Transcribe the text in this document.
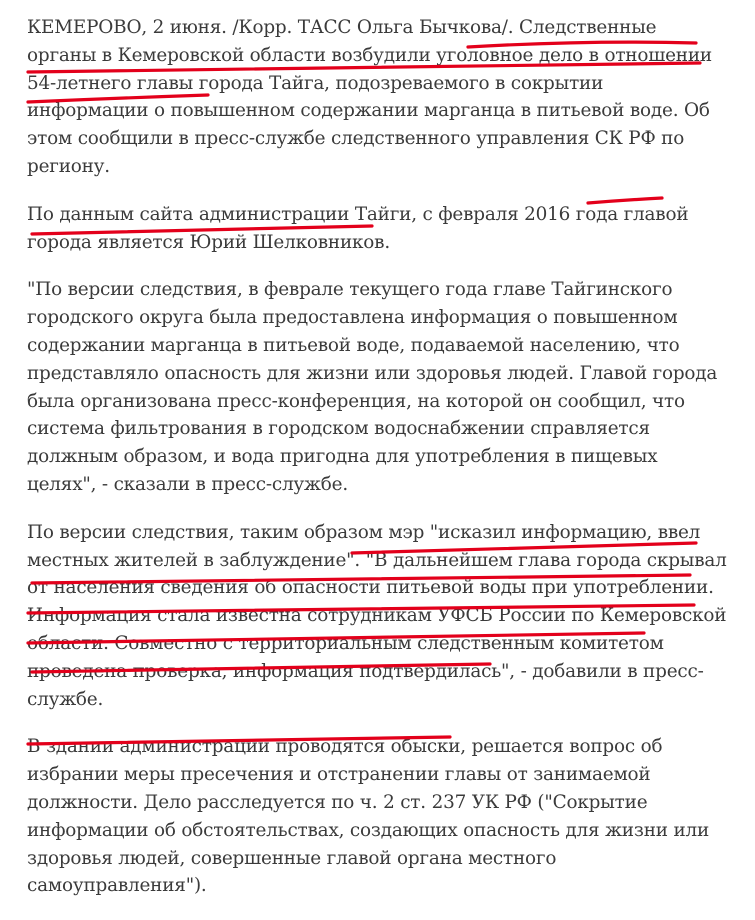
КЕМЕРОВО, 2 июня. /Корр. ТАСС Ольга Бычкова/. Следственные органы в Кемеровской области возбудили уголовное дело в отношении 54-летнего главы города Тайга, подозреваемого в сокрытии информации о повышенном содержании марганца в питьевой воде. Об этом сообщили в пресс-службе следственного управления СК РФ по региону.

По данным сайта администрации Тайги, с февраля 2016 года главой города является Юрий Шелковников.

"По версии следствия, в феврале текущего года главе Тайгинского городского округа была предоставлена информация о повышенном содержании марганца в питьевой воде, подаваемой населению, что представляло опасность для жизни или здоровья людей. Главой города была организована пресс-конференция, на которой он сообщил, что система фильтрования в городском водоснабжении справляется должным образом, и вода пригодна для употребления в пищевых целях", - сказали в пресс-службе.

По версии следствия, таким образом мэр "исказил информацию, ввел местных жителей в заблуждение". "В дальнейшем глава города скрывал от населения сведения об опасности питьевой воды при употреблении. Информация стала известна сотрудникам УФСБ России по Кемеровской области. Совместно с территориальным следственным комитетом проведена проверка, информация подтвердилась", - добавили в пресс-службе.

В здании администрации проводятся обыски, решается вопрос об избрании меры пресечения и отстранении главы от занимаемой должности. Дело расследуется по ч. 2 ст. 237 УК РФ ("Сокрытие информации об обстоятельствах, создающих опасность для жизни или здоровья людей, совершенные главой органа местного самоуправления").
